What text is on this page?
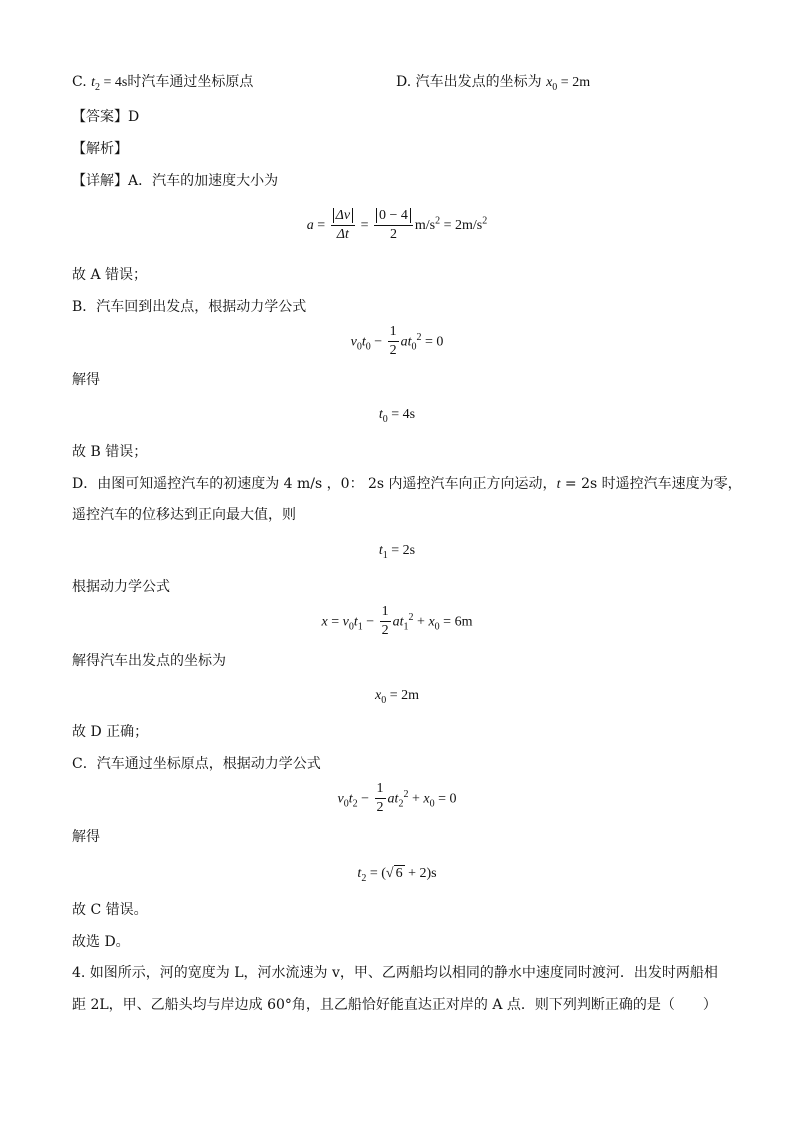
C. $t_2 = 4s$时汽车通过坐标原点	D. 汽车出发点的坐标为 $x_0 = 2m$
【答案】D
【解析】
【详解】A．汽车的加速度大小为
$a = \frac{\Delta v}{\Delta t} = \frac{0 - 4}{2} m/s^2 = 2m/s^2$
故 A 错误；
B．汽车回到出发点，根据动力学公式
$v_0t_0 - \frac{1}{2} at_0^2 = 0$
解得
$t_0 = 4s$
故 B 错误；
D．由图可知遥控汽车的初速度为 4 m/s ，0： 2s 内遥控汽车向正方向运动，t = 2s 时遥控汽车速度为零，
遥控汽车的位移达到正向最大值，则
$t_1 = 2s$
根据动力学公式
$x = v_0t_1 - \frac{1}{2} at_1^2 + x_0 = 6m$
解得汽车出发点的坐标为
$x_0 = 2m$
故 D 正确；
C．汽车通过坐标原点，根据动力学公式
$v_0t_2 - \frac{1}{2} at_2^2 + x_0 = 0$
解得
$t_2$ = (√ 6 + 2)s
故 C 错误。
故选 D。
4. 如图所示，河的宽度为 L，河水流速为 v，甲、乙两船均以相同的静水中速度同时渡河．出发时两船相
距 2L，甲、乙船头均与岸边成 60°角，且乙船恰好能直达正对岸的 A 点．则下列判断正确的是（　　）
